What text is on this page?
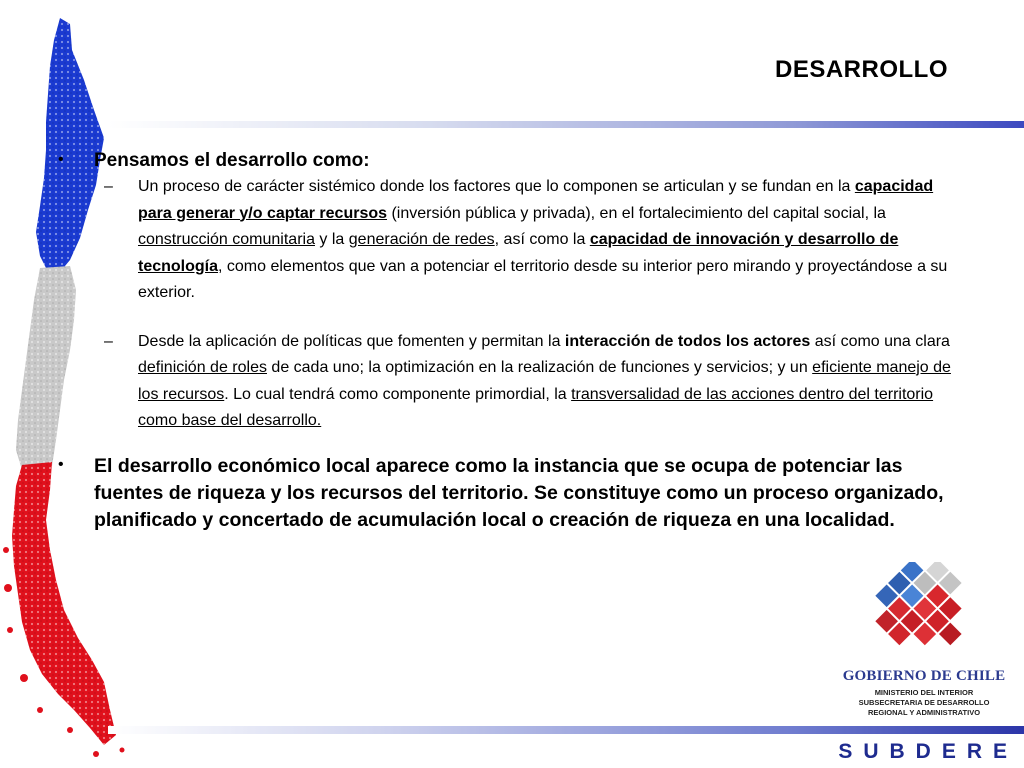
DESARROLLO
• Pensamos el desarrollo como:
– Un proceso de carácter sistémico donde los factores que lo componen se articulan y se fundan en la capacidad para generar y/o captar recursos (inversión pública y privada), en el fortalecimiento del capital social, la construcción comunitaria y la generación de redes, así como la capacidad de innovación y desarrollo de tecnología, como elementos que van a potenciar el territorio desde su interior pero mirando y proyectándose a su exterior.
– Desde la aplicación de políticas que fomenten y permitan la interacción de todos los actores así como una clara definición de roles de cada uno; la optimización en la realización de funciones y servicios; y un eficiente manejo de los recursos. Lo cual tendrá como componente primordial, la transversalidad de las acciones dentro del territorio como base del desarrollo.
• El desarrollo económico local aparece como la instancia que se ocupa de potenciar las fuentes de riqueza y los recursos del territorio. Se constituye como un proceso organizado, planificado y concertado de acumulación local o creación de riqueza en una localidad.
GOBIERNO DE CHILE
MINISTERIO DEL INTERIOR
SUBSECRETARIA DE DESARROLLO
REGIONAL Y ADMINISTRATIVO
SUBDERE
